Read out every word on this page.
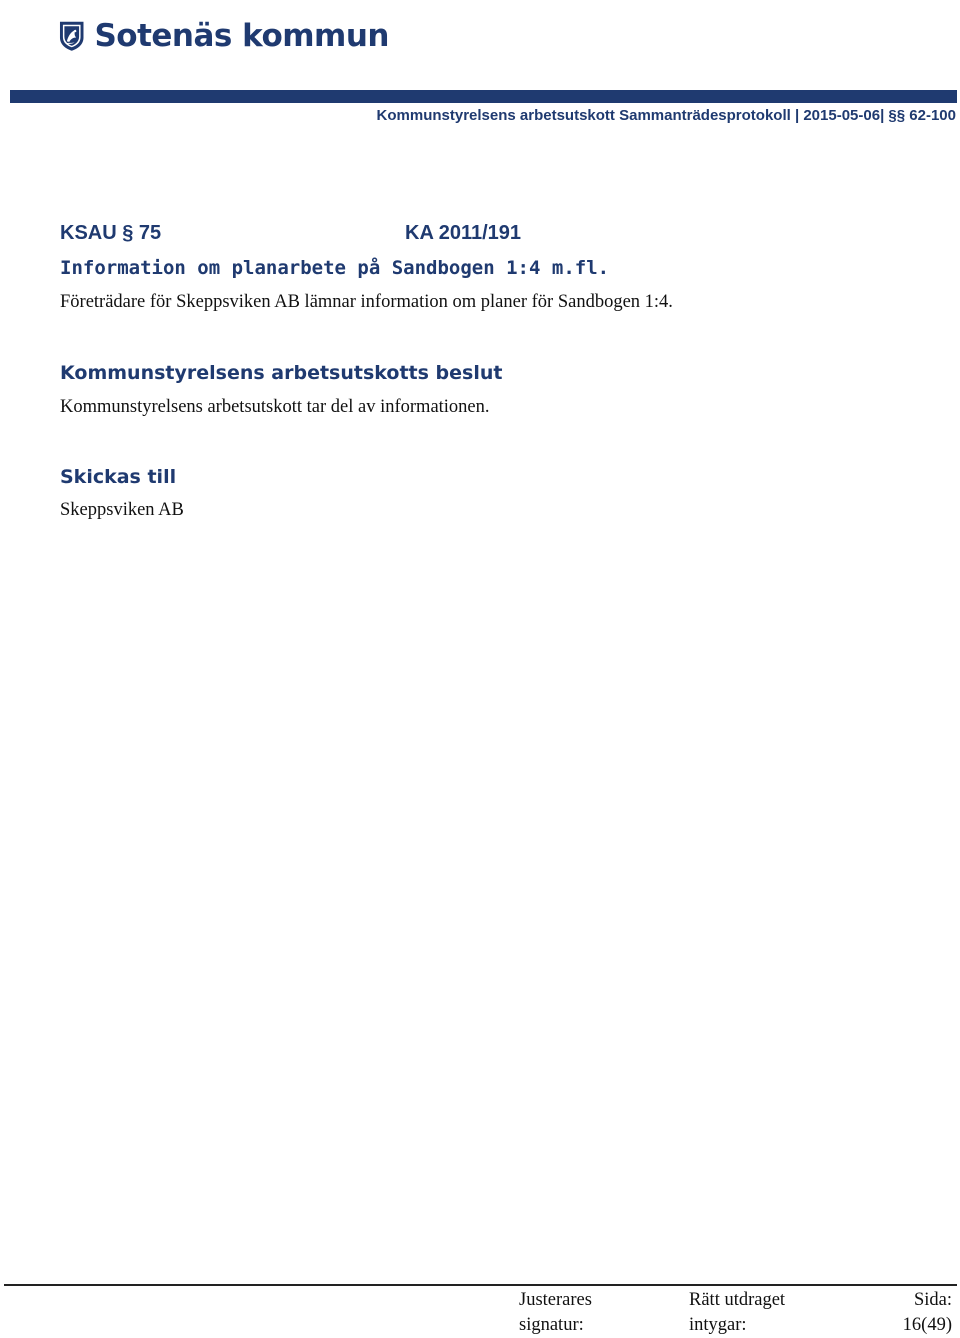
Sotenäs kommun
Kommunstyrelsens arbetsutskott Sammanträdesprotokoll | 2015-05-06| §§ 62-100
KSAU § 75	KA 2011/191
Information om planarbete på Sandbogen 1:4 m.fl.
Företrädare för Skeppsviken AB lämnar information om planer för Sandbogen 1:4.
Kommunstyrelsens arbetsutskotts beslut
Kommunstyrelsens arbetsutskott tar del av informationen.
Skickas till
Skeppsviken AB
Justerares
signatur:
Rätt utdraget
intygar:
Sida:
16(49)
